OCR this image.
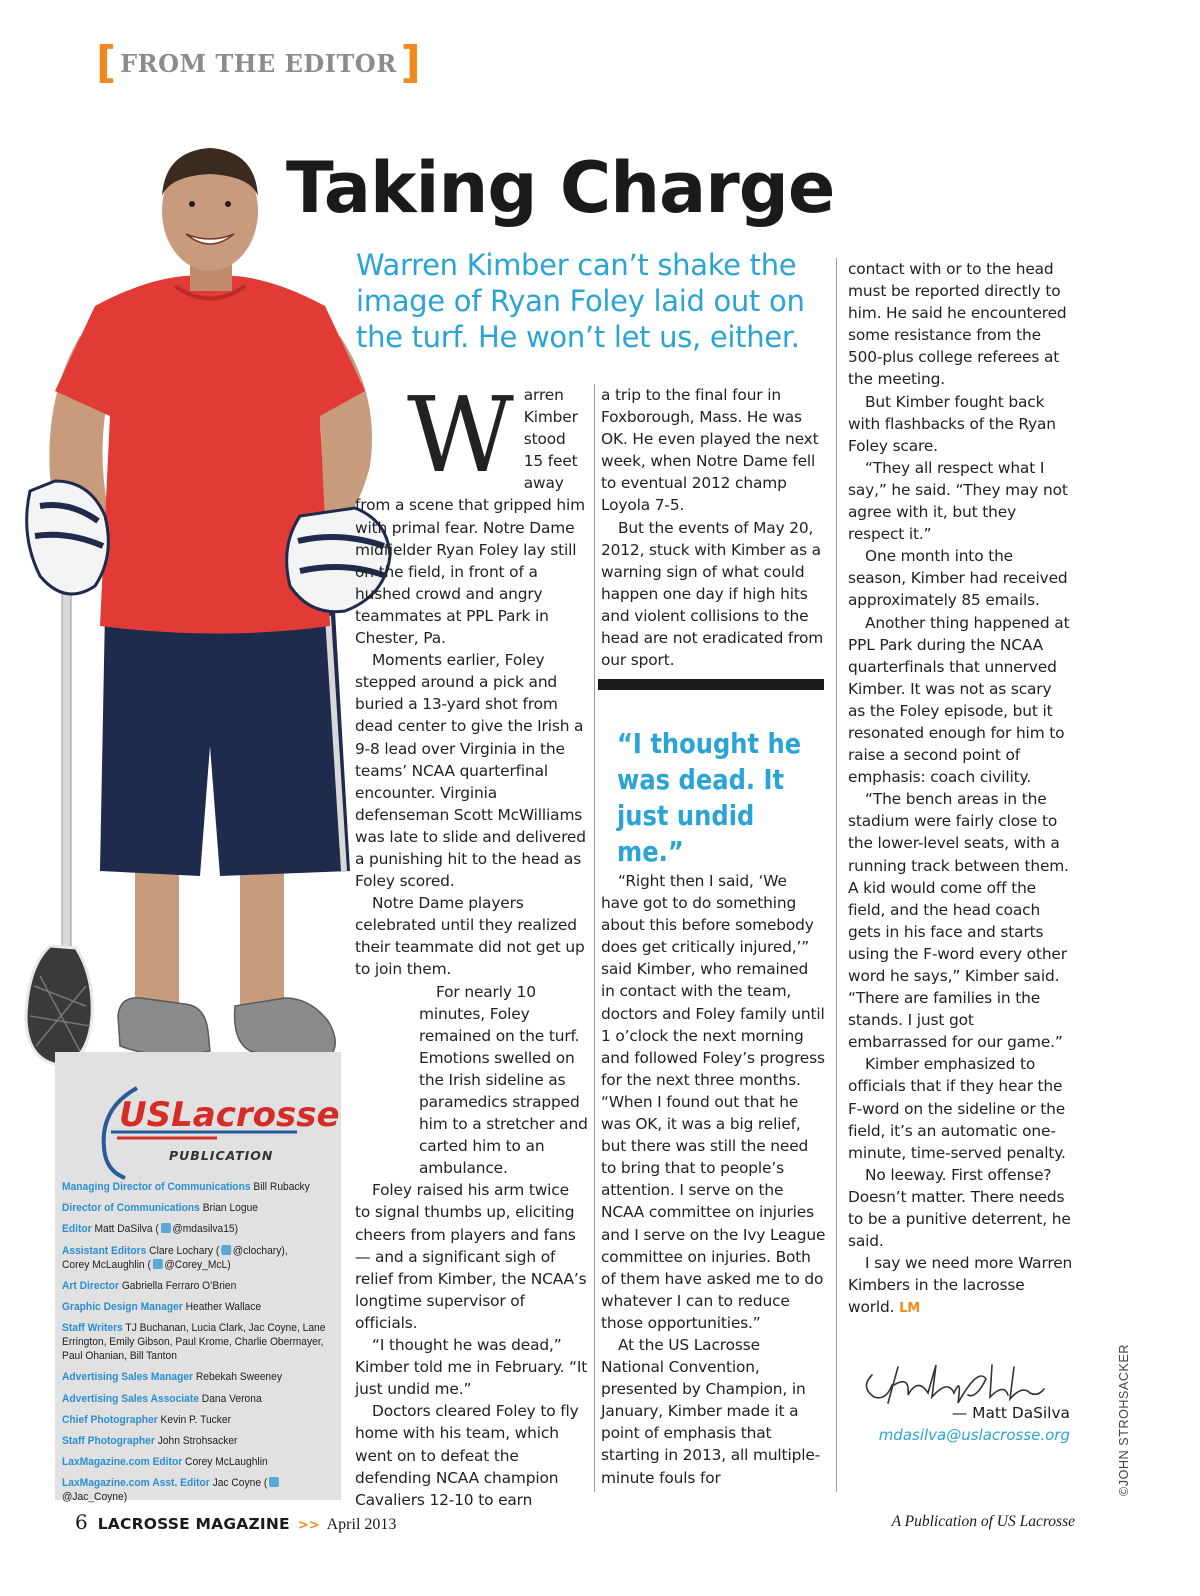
[ FROM THE EDITOR ]
Taking Charge
Warren Kimber can’t shake the image of Ryan Foley laid out on the turf. He won’t let us, either.
W arren Kimber stood 15 feet away from a scene that gripped him with primal fear. Notre Dame midfielder Ryan Foley lay still on the field, in front of a hushed crowd and angry teammates at PPL Park in Chester, Pa.

Moments earlier, Foley stepped around a pick and buried a 13-yard shot from dead center to give the Irish a 9-8 lead over Virginia in the teams’ NCAA quarterfinal encounter. Virginia defenseman Scott McWilliams was late to slide and delivered a punishing hit to the head as Foley scored.

Notre Dame players celebrated until they realized their teammate did not get up to join them.

For nearly 10 minutes, Foley remained on the turf. Emotions swelled on the Irish sideline as paramedics strapped him to a stretcher and carted him to an ambulance.

Foley raised his arm twice to signal thumbs up, eliciting cheers from players and fans — and a significant sigh of relief from Kimber, the NCAA’s longtime supervisor of officials.

“I thought he was dead,” Kimber told me in February. “It just undid me.”

Doctors cleared Foley to fly home with his team, which went on to defeat the defending NCAA champion Cavaliers 12-10 to earn

a trip to the final four in Foxborough, Mass. He was OK. He even played the next week, when Notre Dame fell to eventual 2012 champ Loyola 7-5.

But the events of May 20, 2012, stuck with Kimber as a warning sign of what could happen one day if high hits and violent collisions to the head are not eradicated from our sport.

“I thought he was dead. It just undid me.”

“Right then I said, ‘We have got to do something about this before somebody does get critically injured,’” said Kimber, who remained in contact with the team, doctors and Foley family until 1 o’clock the next morning and followed Foley’s progress for the next three months. “When I found out that he was OK, it was a big relief, but there was still the need to bring that to people’s attention. I serve on the NCAA committee on injuries and I serve on the Ivy League committee on injuries. Both of them have asked me to do whatever I can to reduce those opportunities.”

At the US Lacrosse National Convention, presented by Champion, in January, Kimber made it a point of emphasis that starting in 2013, all multiple-minute fouls for

contact with or to the head must be reported directly to him. He said he encountered some resistance from the 500-plus college referees at the meeting.

But Kimber fought back with flashbacks of the Ryan Foley scare.

“They all respect what I say,” he said. “They may not agree with it, but they respect it.”

One month into the season, Kimber had received approximately 85 emails.

Another thing happened at PPL Park during the NCAA quarterfinals that unnerved Kimber. It was not as scary as the Foley episode, but it resonated enough for him to raise a second point of emphasis: coach civility.

“The bench areas in the stadium were fairly close to the lower-level seats, with a running track between them. A kid would come off the field, and the head coach gets in his face and starts using the F-word every other word he says,” Kimber said. “There are families in the stands. I just got embarrassed for our game.”

Kimber emphasized to officials that if they hear the F-word on the sideline or the field, it’s an automatic one-minute, time-served penalty.

No leeway. First offense? Doesn’t matter. There needs to be a punitive deterrent, he said.

I say we need more Warren Kimbers in the lacrosse world. LM

— Matt DaSilva
mdasilva@uslacrosse.org	©JOHN STROHSACKER
USLacrosse
PUBLICATION
Managing Director of Communications Bill Rubacky
Director of Communications Brian Logue
Editor Matt DaSilva ( @mdasilva15)
Assistant Editors Clare Lochary ( @clochary),
Corey McLaughlin ( @Corey_McL)
Art Director Gabriella Ferraro O’Brien
Graphic Design Manager Heather Wallace
Staff Writers TJ Buchanan, Lucia Clark, Jac Coyne, Lane Errington, Emily Gibson, Paul Krome, Charlie Obermayer, Paul Ohanian, Bill Tanton
Advertising Sales Manager Rebekah Sweeney
Advertising Sales Associate Dana Verona
Chief Photographer Kevin P. Tucker
Staff Photographer John Strohsacker
LaxMagazine.com Editor Corey McLaughlin
LaxMagazine.com Asst. Editor Jac Coyne (@Jac_Coyne)
6 LACROSSE MAGAZINE >> April 2013	A Publication of US Lacrosse
